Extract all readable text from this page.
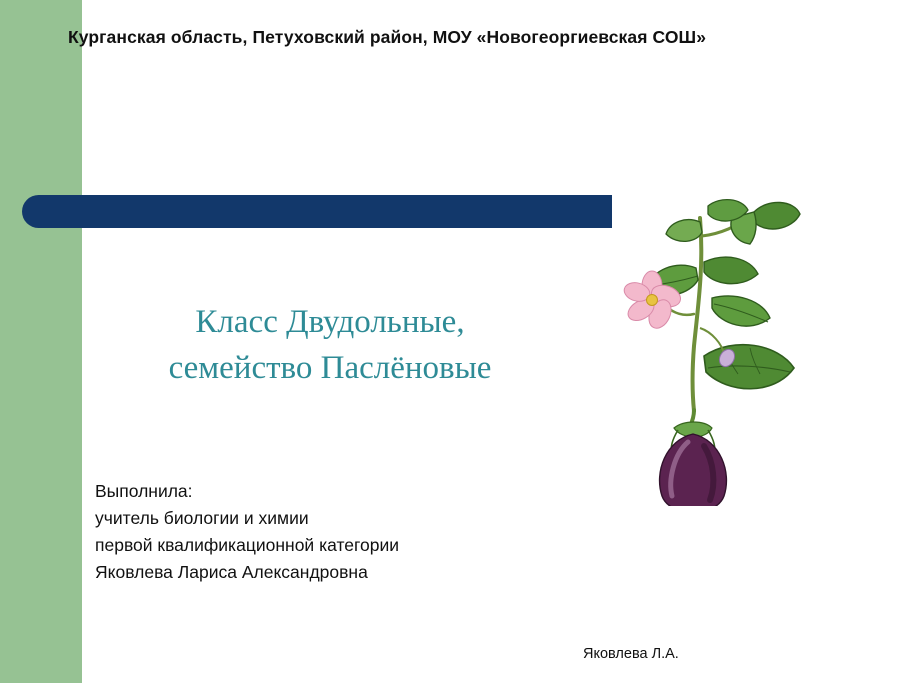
Курганская область, Петуховский район, МОУ «Новогеоргиевская СОШ»
Класс Двудольные,
семейство Паслёновые
Выполнила:
учитель биологии и химии
первой квалификационной категории
Яковлева Лариса Александровна
Яковлева Л.А.
